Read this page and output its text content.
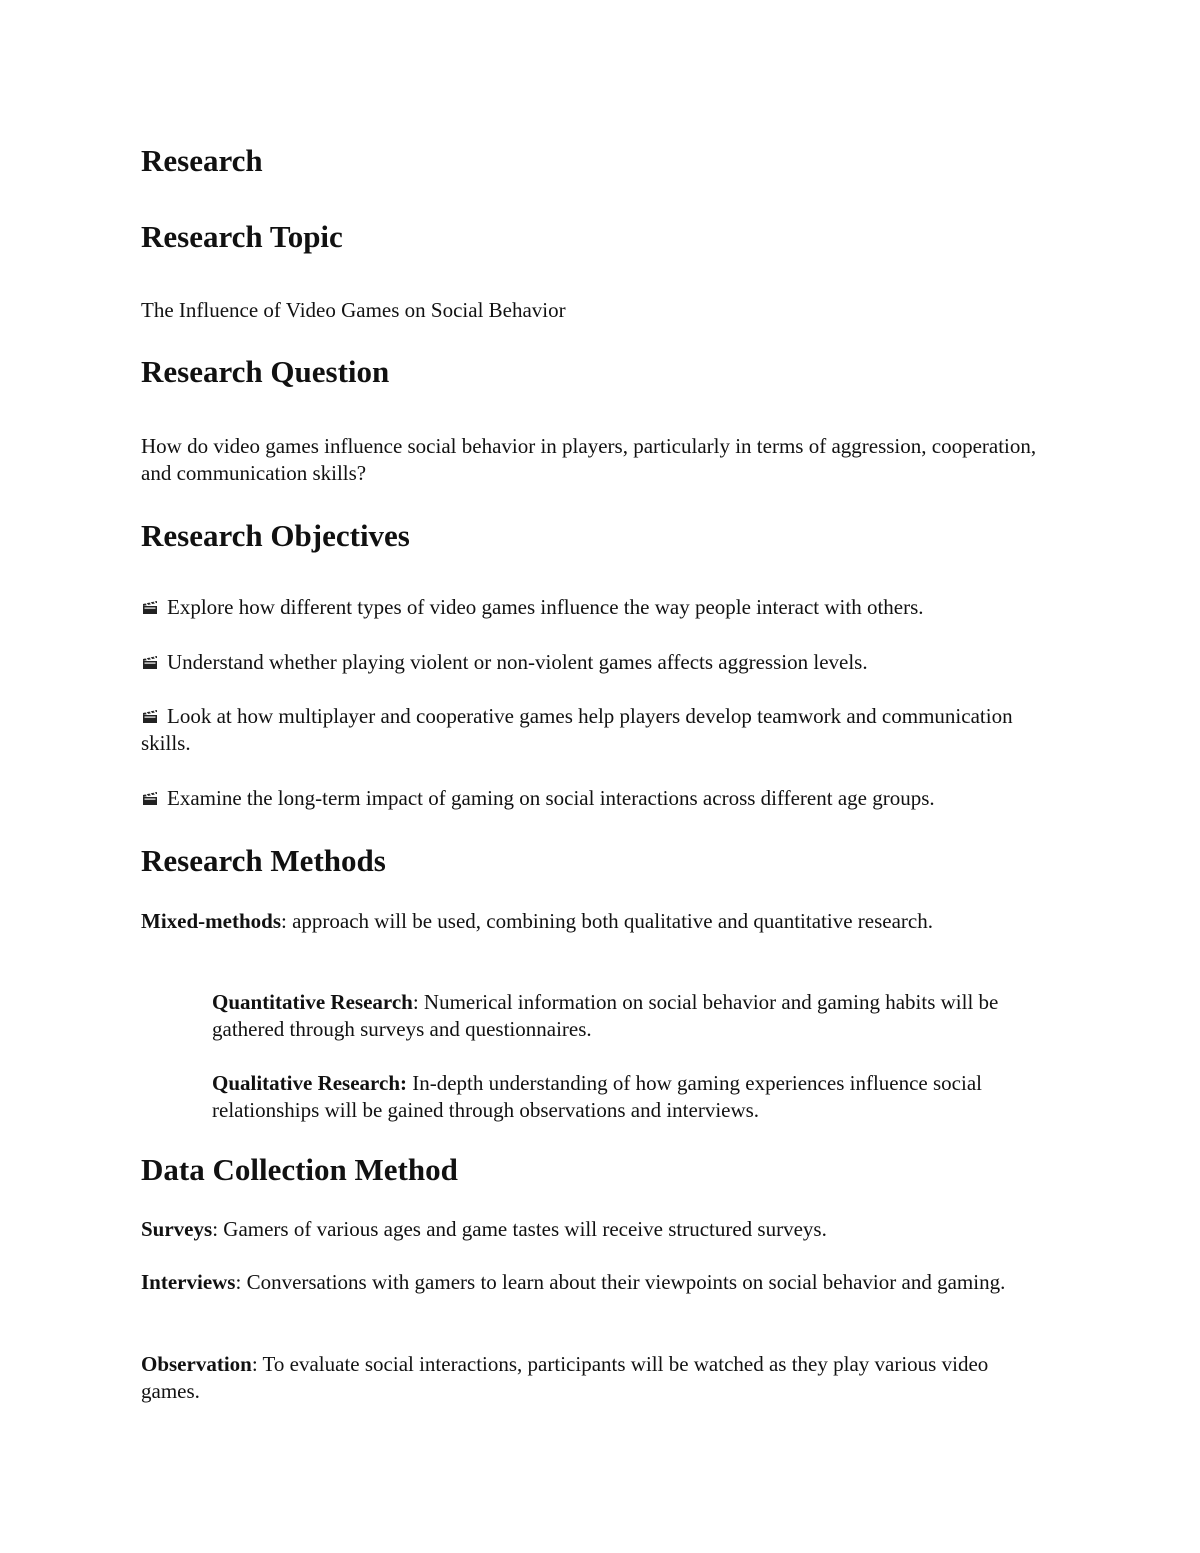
Research
Research Topic

The Influence of Video Games on Social Behavior

Research Question

How do video games influence social behavior in players, particularly in terms of aggression, cooperation, and communication skills?

Research Objectives

Explore how different types of video games influence the way people interact with others.

Understand whether playing violent or non-violent games affects aggression levels.

Look at how multiplayer and cooperative games help players develop teamwork and communication skills.

Examine the long-term impact of gaming on social interactions across different age groups.

Research Methods

Mixed-methods: approach will be used, combining both qualitative and quantitative research.

Quantitative Research: Numerical information on social behavior and gaming habits will be gathered through surveys and questionnaires.

Qualitative Research: In-depth understanding of how gaming experiences influence social relationships will be gained through observations and interviews.

Data Collection Method

Surveys: Gamers of various ages and game tastes will receive structured surveys.

Interviews: Conversations with gamers to learn about their viewpoints on social behavior and gaming.

Observation: To evaluate social interactions, participants will be watched as they play various video games.
